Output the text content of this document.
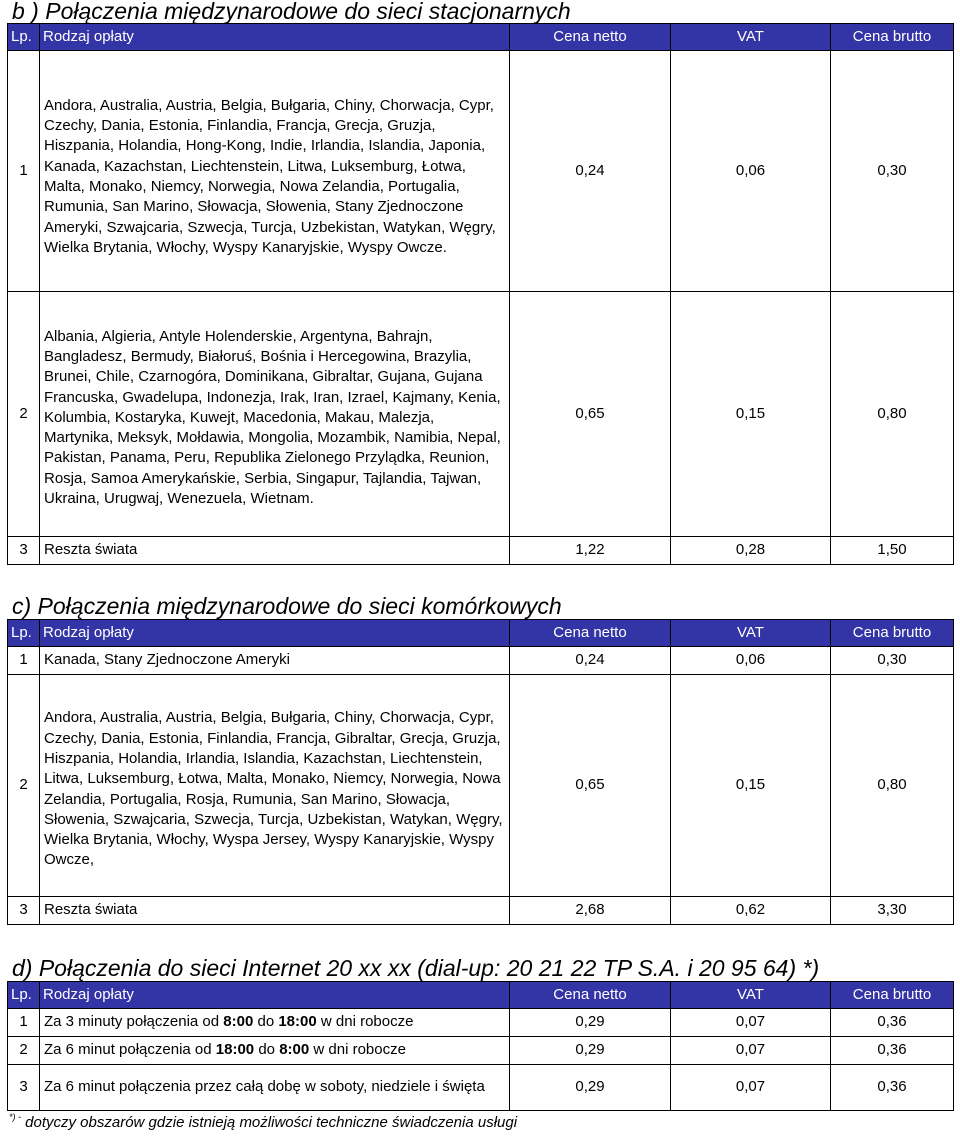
b ) Połączenia międzynarodowe do sieci stacjonarnych
Lp.	Rodzaj opłaty	Cena netto	VAT	Cena brutto
1	Andora, Australia, Austria, Belgia, Bułgaria, Chiny, Chorwacja, Cypr, Czechy, Dania, Estonia, Finlandia, Francja, Grecja, Gruzja, Hiszpania, Holandia, Hong-Kong, Indie, Irlandia, Islandia, Japonia, Kanada, Kazachstan, Liechtenstein, Litwa, Luksemburg, Łotwa, Malta, Monako, Niemcy, Norwegia, Nowa Zelandia, Portugalia, Rumunia, San Marino, Słowacja, Słowenia, Stany Zjednoczone Ameryki, Szwajcaria, Szwecja, Turcja, Uzbekistan, Watykan, Węgry, Wielka Brytania, Włochy, Wyspy Kanaryjskie, Wyspy Owcze.	0,24	0,06	0,30
2	Albania, Algieria, Antyle Holenderskie, Argentyna, Bahrajn, Bangladesz, Bermudy, Białoruś, Bośnia i Hercegowina, Brazylia, Brunei, Chile, Czarnogóra, Dominikana, Gibraltar, Gujana, Gujana Francuska, Gwadelupa, Indonezja, Irak, Iran, Izrael, Kajmany, Kenia, Kolumbia, Kostaryka, Kuwejt, Macedonia, Makau, Malezja, Martynika, Meksyk, Mołdawia, Mongolia, Mozambik, Namibia, Nepal, Pakistan, Panama, Peru, Republika Zielonego Przylądka, Reunion, Rosja, Samoa Amerykańskie, Serbia, Singapur, Tajlandia, Tajwan, Ukraina, Urugwaj, Wenezuela, Wietnam.	0,65	0,15	0,80
3	Reszta świata	1,22	0,28	1,50
c) Połączenia międzynarodowe do sieci komórkowych
Lp.	Rodzaj opłaty	Cena netto	VAT	Cena brutto
1	Kanada, Stany Zjednoczone Ameryki	0,24	0,06	0,30
2	Andora, Australia, Austria, Belgia, Bułgaria, Chiny, Chorwacja, Cypr, Czechy, Dania, Estonia, Finlandia, Francja, Gibraltar, Grecja, Gruzja, Hiszpania, Holandia, Irlandia, Islandia, Kazachstan, Liechtenstein, Litwa, Luksemburg, Łotwa, Malta, Monako, Niemcy, Norwegia, Nowa Zelandia, Portugalia, Rosja, Rumunia, San Marino, Słowacja, Słowenia, Szwajcaria, Szwecja, Turcja, Uzbekistan, Watykan, Węgry, Wielka Brytania, Włochy, Wyspa Jersey, Wyspy Kanaryjskie, Wyspy Owcze,	0,65	0,15	0,80
3	Reszta świata	2,68	0,62	3,30
d) Połączenia do sieci Internet 20 xx xx (dial-up: 20 21 22 TP S.A. i 20 95 64) *)
Lp.	Rodzaj opłaty	Cena netto	VAT	Cena brutto
1	Za 3 minuty połączenia od 8:00 do 18:00 w dni robocze	0,29	0,07	0,36
2	Za 6 minut połączenia od 18:00 do 8:00 w dni robocze	0,29	0,07	0,36
3	Za 6 minut połączenia przez całą dobę w soboty, niedziele i święta	0,29	0,07	0,36
*) - dotyczy obszarów gdzie istnieją możliwości techniczne świadczenia usługi
